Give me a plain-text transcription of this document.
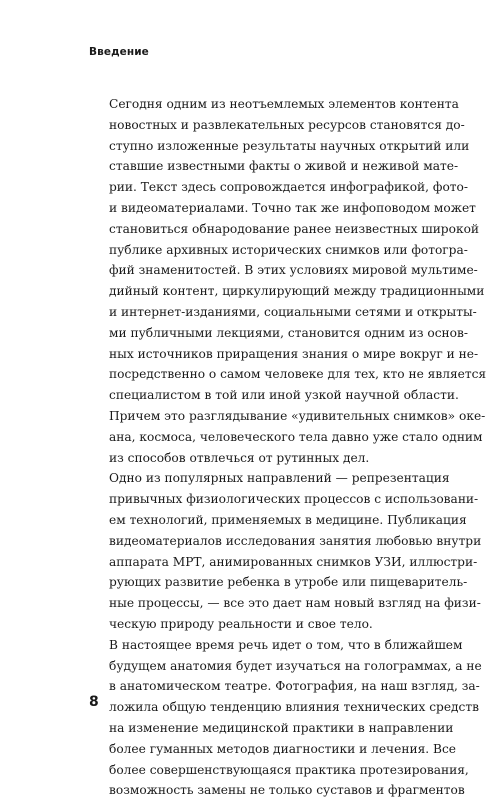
Введение

Сегодня одним из неотъемлемых элементов контента
новостных и развлекательных ресурсов становятся до-
ступно изложенные результаты научных открытий или
ставшие известными факты о живой и неживой мате-
рии. Текст здесь сопровождается инфографикой, фото-
и видеоматериалами. Точно так же инфоповодом может
становиться обнародование ранее неизвестных широкой
публике архивных исторических снимков или фотогра-
фий знаменитостей. В этих условиях мировой мультиме-
дийный контент, циркулирующий между традиционными
и интернет-изданиями, социальными сетями и открыты-
ми публичными лекциями, становится одним из основ-
ных источников приращения знания о мире вокруг и не-
посредственно о самом человеке для тех, кто не является
специалистом в той или иной узкой научной области.
Причем это разглядывание «удивительных снимков» оке-
ана, космоса, человеческого тела давно уже стало одним
из способов отвлечься от рутинных дел.

Одно из популярных направлений — репрезентация
привычных физиологических процессов с использовани-
ем технологий, применяемых в медицине. Публикация
видеоматериалов исследования занятия любовью внутри
аппарата МРТ, анимированных снимков УЗИ, иллюстри-
рующих развитие ребенка в утробе или пищеваритель-
ные процессы, — все это дает нам новый взгляд на физи-
ческую природу реальности и свое тело.

В настоящее время речь идет о том, что в ближайшем
будущем анатомия будет изучаться на голограммах, а не
в анатомическом театре. Фотография, на наш взгляд, за-
ложила общую тенденцию влияния технических средств
на изменение медицинской практики в направлении
более гуманных методов диагностики и лечения. Все
более совершенствующаяся практика протезирования,
возможность замены не только суставов и фрагментов

8
